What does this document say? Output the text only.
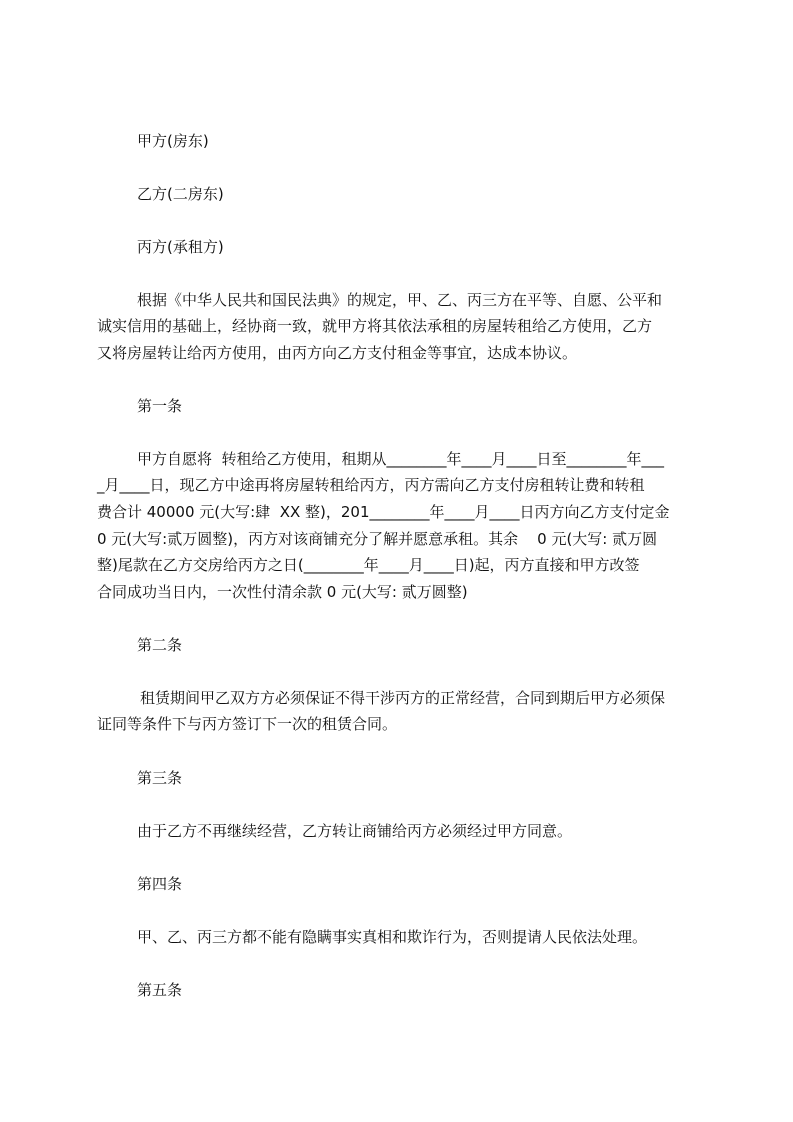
甲方(房东)
乙方(二房东)
丙方(承租方)
根据《中华人民共和国民法典》的规定，甲、乙、丙三方在平等、自愿、公平和
诚实信用的基础上，经协商一致，就甲方将其依法承租的房屋转租给乙方使用，乙方
又将房屋转让给丙方使用，由丙方向乙方支付租金等事宜，达成本协议。
第一条
甲方自愿将  转租给乙方使用，租期从________年____月____日至________年___
_月____日，现乙方中途再将房屋转租给丙方，丙方需向乙方支付房租转让费和转租
费合计 40000 元(大写:肆  XX 整)，201________年____月____日丙方向乙方支付定金
0 元(大写:贰万圆整)，丙方对该商铺充分了解并愿意承租。其余    0 元(大写: 贰万圆
整)尾款在乙方交房给丙方之日(________年____月____日)起，丙方直接和甲方改签
合同成功当日内，一次性付清余款 0 元(大写: 贰万圆整)
第二条
租赁期间甲乙双方方必须保证不得干涉丙方的正常经营，合同到期后甲方必须保
证同等条件下与丙方签订下一次的租赁合同。
第三条
由于乙方不再继续经营，乙方转让商铺给丙方必须经过甲方同意。
第四条
甲、乙、丙三方都不能有隐瞒事实真相和欺诈行为，否则提请人民依法处理。
第五条
